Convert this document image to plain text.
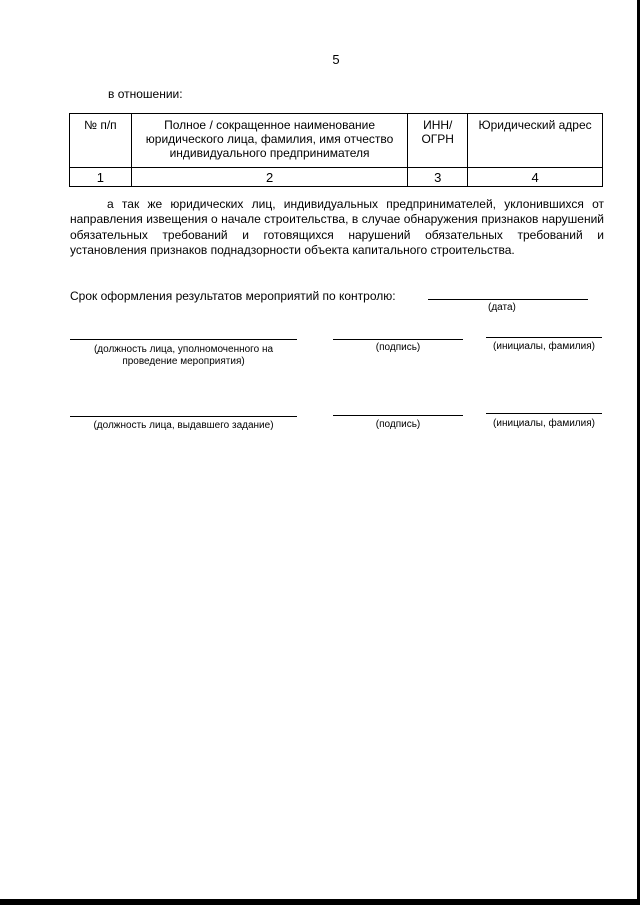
5
в отношении:
№ п/п	Полное / сокращенное наименование юридического лица, фамилия, имя отчество индивидуального предпринимателя	ИНН/ ОГРН	Юридический адрес
1	2	3	4
а так же юридических лиц, индивидуальных предпринимателей, уклонившихся от направления извещения о начале строительства, в случае обнаружения признаков нарушений обязательных требований и готовящихся нарушений обязательных требований и установления признаков поднадзорности объекта капитального строительства.
Срок оформления результатов мероприятий по контролю:
(дата)
(должность лица, уполномоченного на проведение мероприятия)
(подпись)	(инициалы, фамилия)
(должность лица, выдавшего задание)	(подпись)	(инициалы, фамилия)
